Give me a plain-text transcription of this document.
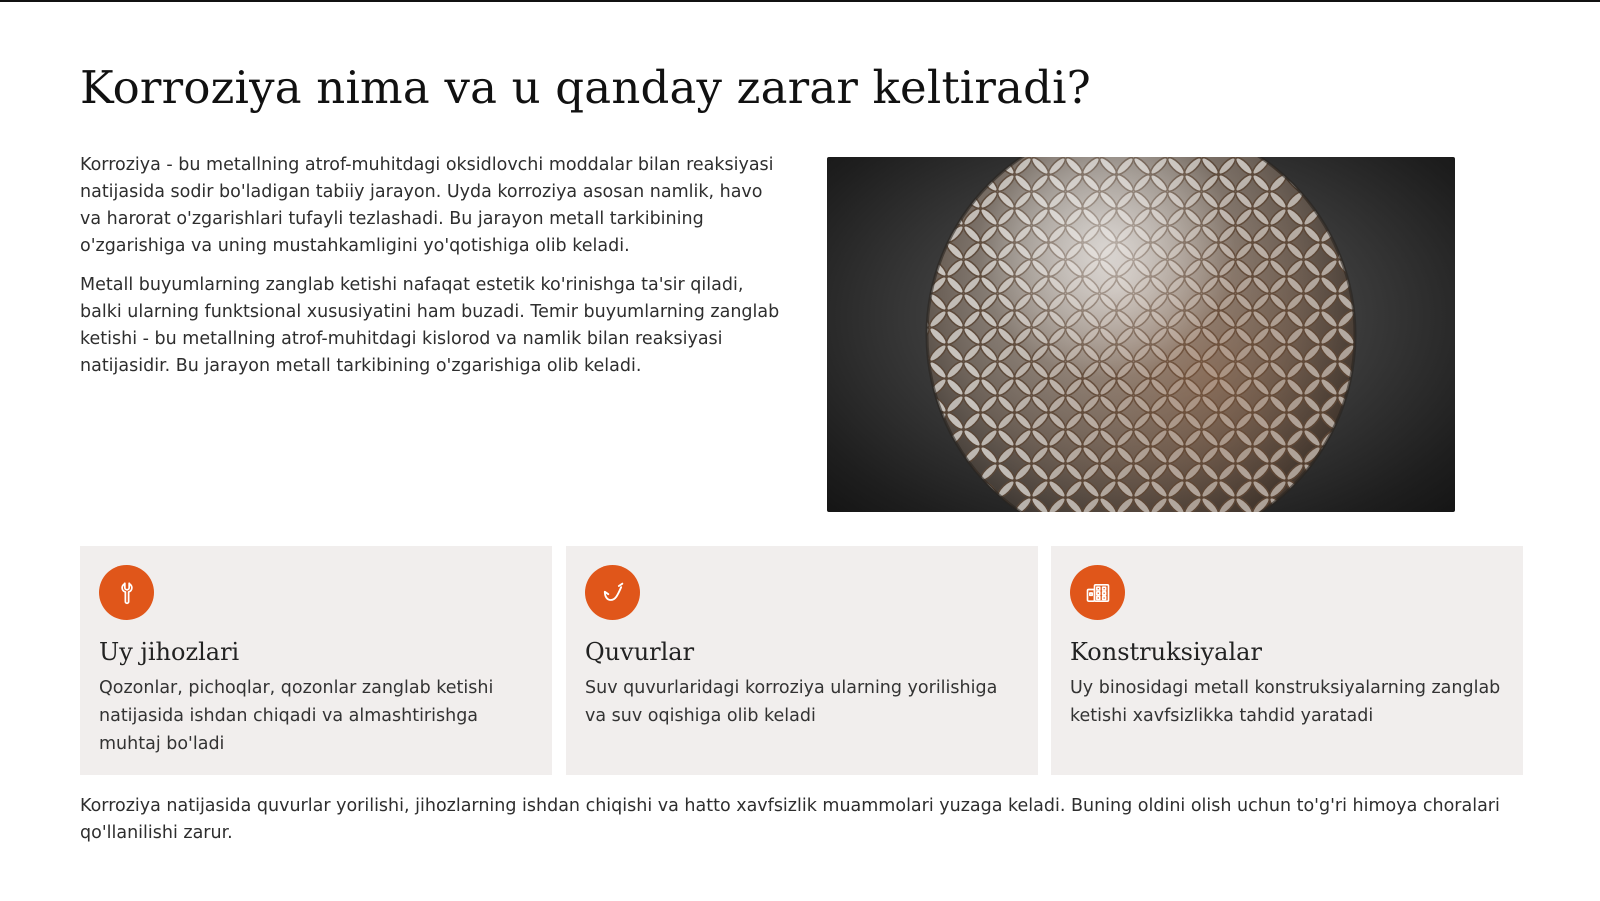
Korroziya nima va u qanday zarar keltiradi?

Korroziya - bu metallning atrof-muhitdagi oksidlovchi moddalar bilan reaksiyasi natijasida sodir bo'ladigan tabiiy jarayon. Uyda korroziya asosan namlik, havo va harorat o'zgarishlari tufayli tezlashadi. Bu jarayon metall tarkibining o'zgarishiga va uning mustahkamligini yo'qotishiga olib keladi.

Metall buyumlarning zanglab ketishi nafaqat estetik ko'rinishga ta'sir qiladi, balki ularning funktsional xususiyatini ham buzadi. Temir buyumlarning zanglab ketishi - bu metallning atrof-muhitdagi kislorod va namlik bilan reaksiyasi natijasidir. Bu jarayon metall tarkibining o'zgarishiga olib keladi.

Uy jihozlari
Qozonlar, pichoqlar, qozonlar zanglab ketishi natijasida ishdan chiqadi va almashtirishga muhtaj bo'ladi
Quvurlar
Suv quvurlaridagi korroziya ularning yorilishiga va suv oqishiga olib keladi
Konstruksiyalar
Uy binosidagi metall konstruksiyalarning zanglab ketishi xavfsizlikka tahdid yaratadi

Korroziya natijasida quvurlar yorilishi, jihozlarning ishdan chiqishi va hatto xavfsizlik muammolari yuzaga keladi. Buning oldini olish uchun to'g'ri himoya choralari qo'llanilishi zarur.
